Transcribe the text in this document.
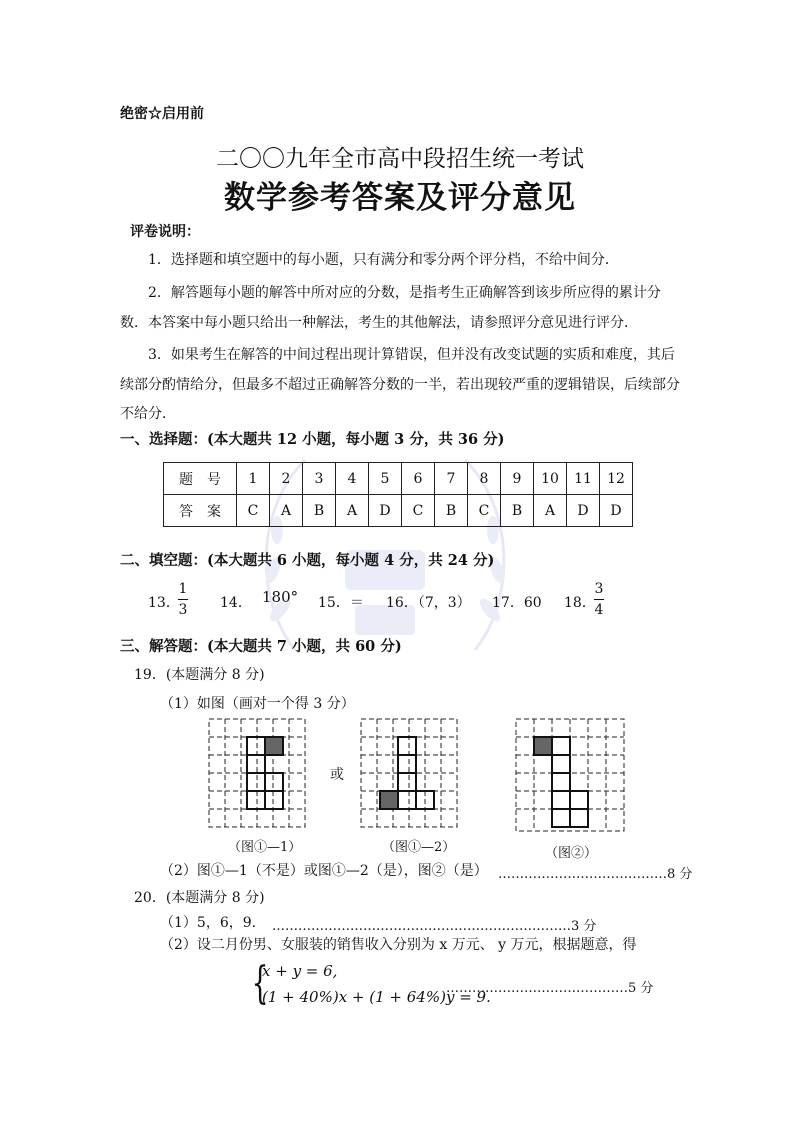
绝密☆启用前
二〇〇九年全市高中段招生统一考试
数学参考答案及评分意见
评卷说明：
1．选择题和填空题中的每小题，只有满分和零分两个评分档，不给中间分．
2．解答题每小题的解答中所对应的分数，是指考生正确解答到该步所应得的累计分
数．本答案中每小题只给出一种解法，考生的其他解法，请参照评分意见进行评分．
3．如果考生在解答的中间过程出现计算错误，但并没有改变试题的实质和难度，其后
续部分酌情给分，但最多不超过正确解答分数的一半，若出现较严重的逻辑错误，后续部分
不给分．
一、选择题：(本大题共 12 小题，每小题 3 分，共 36 分)
题　号	1	2	3	4	5	6	7	8	9	10	11	12
答　案	C	A	B	A	D	C	B	C	B	A	D	D
二、填空题：(本大题共 6 小题，每小题 4 分，共 24 分)
13．
1
3 14． 180° 15．＝ 16．（7，3） 17．60 18．
3
4
三、解答题：(本大题共 7 小题，共 60 分)
19．(本题满分 8 分)
（1）如图（画对一个得 3 分）
（图①—1）
或
（图①—2）	（图②）
（2）图①—1（不是）或图①—2（是），图②（是） …………………………………8 分
20．(本题满分 8 分)
（1）5，6，9. ……………………………………………………………3 分
（2）设二月份男、女服装的销售收入分别为 x 万元、 y 万元，根据题意，得
{
x + y = 6,
(1 + 40%)x + (1 + 64%)y = 9.
……………………………………5 分
